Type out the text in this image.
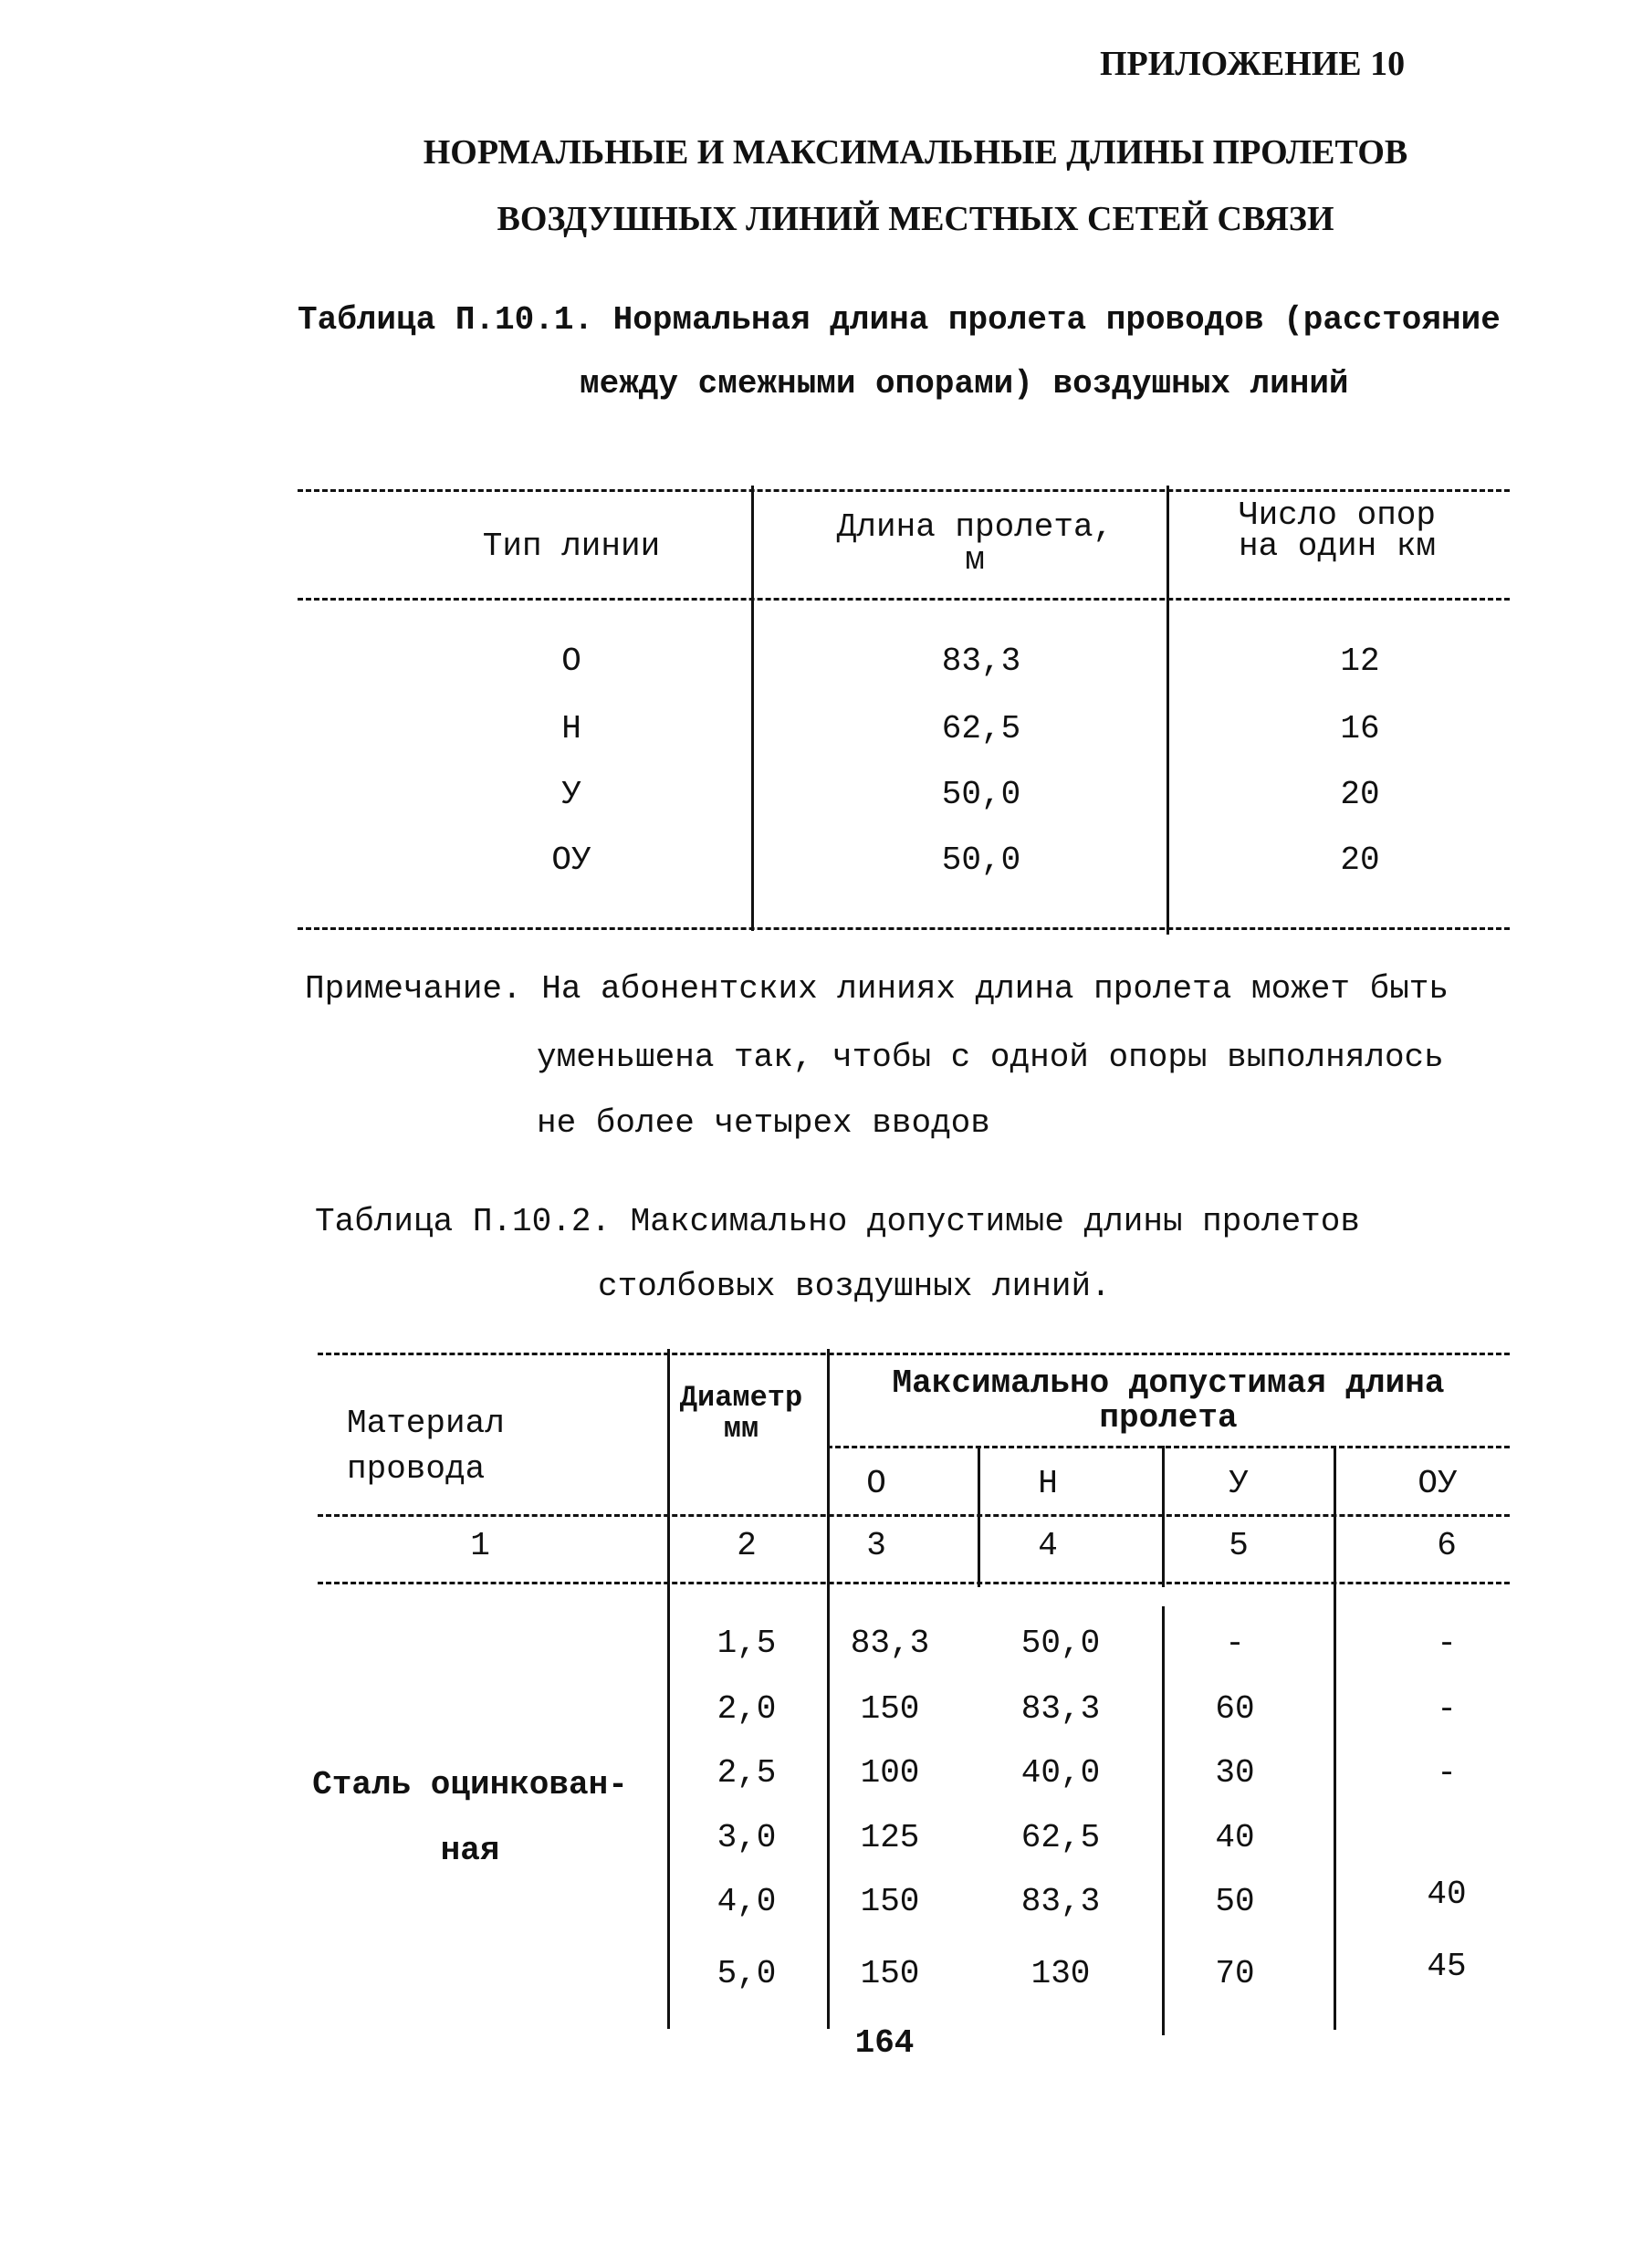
ПРИЛОЖЕНИЕ 10
НОРМАЛЬНЫЕ И МАКСИМАЛЬНЫЕ ДЛИНЫ ПРОЛЕТОВ
ВОЗДУШНЫХ ЛИНИЙ МЕСТНЫХ СЕТЕЙ СВЯЗИ
Таблица П.10.1. Нормальная длина пролета проводов (расстояние
между смежными опорами) воздушных линий
Тип линии
Длина пролета,
м
Число опор
на один км
О	83,3	12
Н	62,5	16
У	50,0	20
ОУ	50,0	20
Примечание. На абонентских линиях длина пролета может быть
уменьшена так, чтобы с одной опоры выполнялось
не более четырех вводов
Таблица П.10.2. Максимально допустимые длины пролетов
столбовых воздушных линий.
Материал
провода
Диаметр
мм
Максимально допустимая длина
пролета
О	Н	У	ОУ
1	2	3	4	5	6
1,5 83,3	50,0	-	-
2,0	150	83,3	60	-
2,5	100	40,0	30	-
3,0	125	62,5	40
4,0	150	83,3	50	40
5,0	150	130	70	45
Сталь оцинкован-
ная
164
